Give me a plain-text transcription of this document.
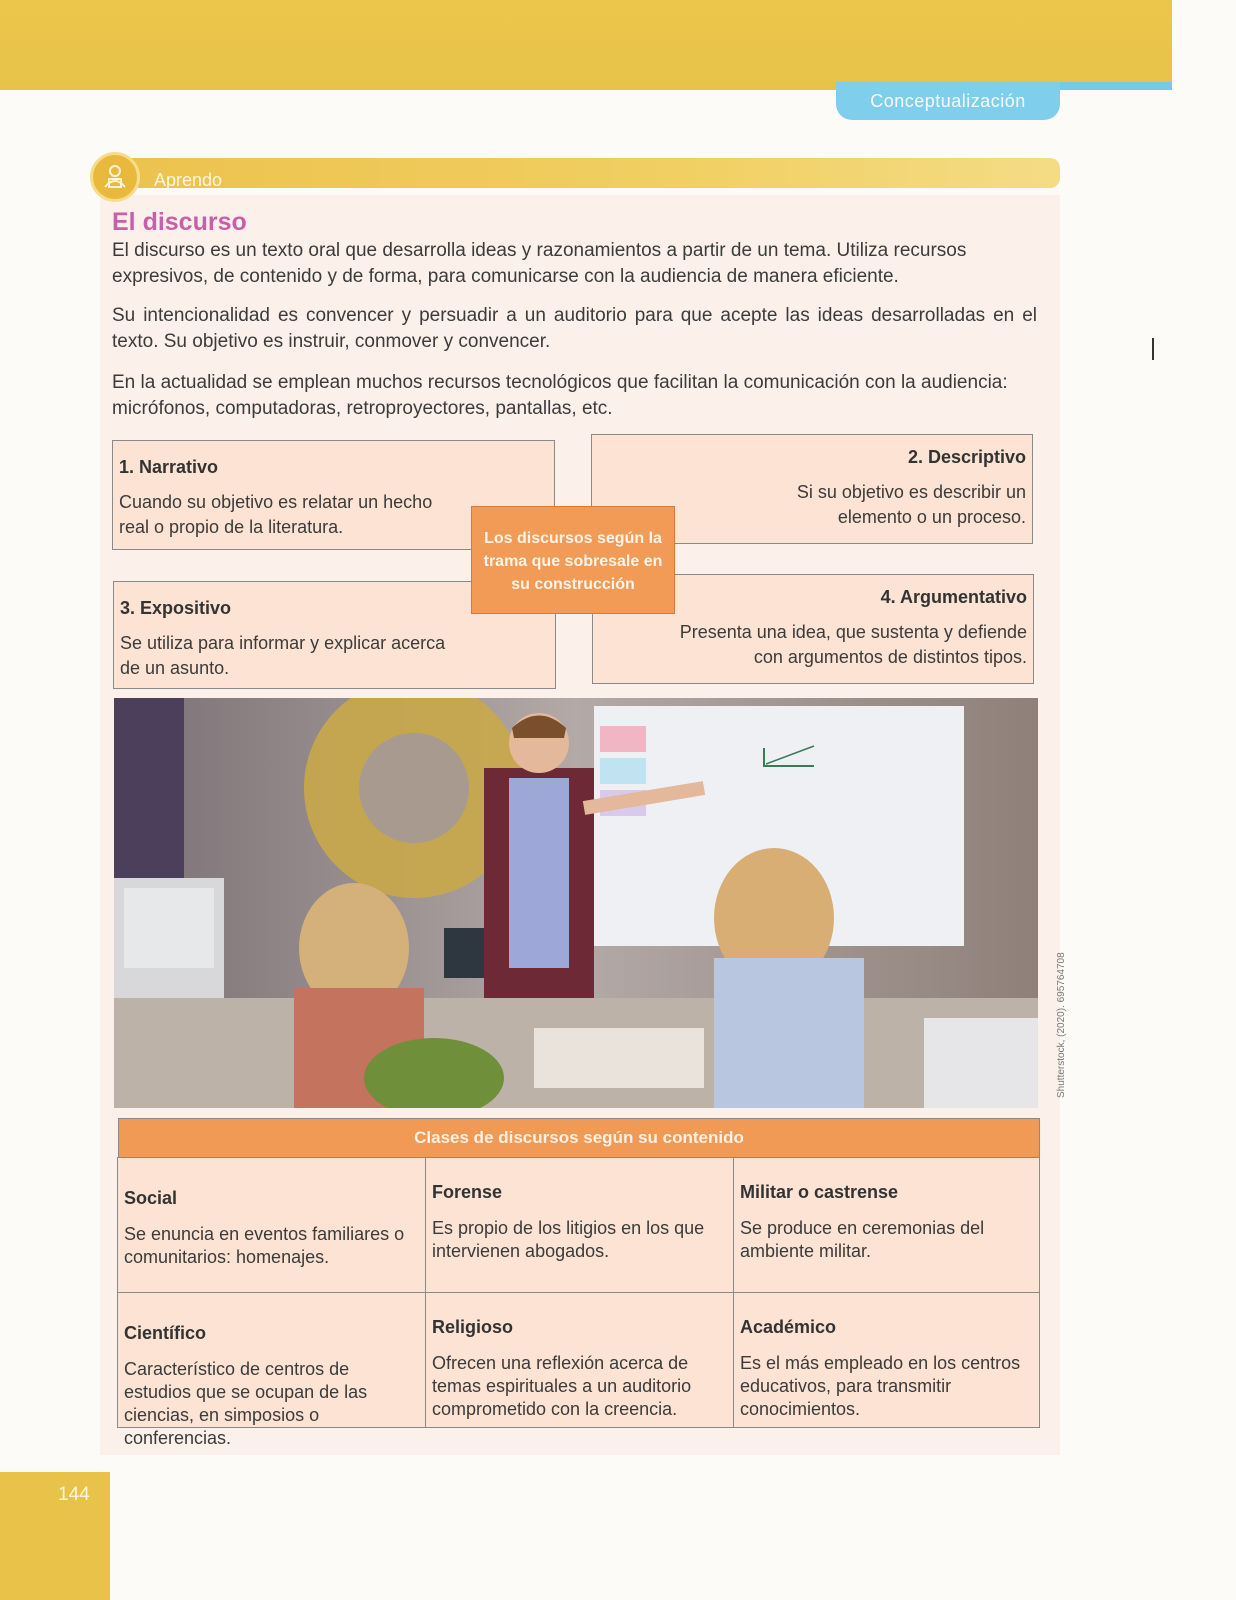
Conceptualización
Aprendo
El discurso

El discurso es un texto oral que desarrolla ideas y razonamientos a partir de un tema. Utiliza recursos expresivos, de contenido y de forma, para comunicarse con la audiencia de manera eficiente.

Su intencionalidad es convencer y persuadir a un auditorio para que acepte las ideas desarrolladas en el texto. Su objetivo es instruir, conmover y convencer.

En la actualidad se emplean muchos recursos tecnológicos que facilitan la comunicación con la audiencia: micrófonos, computadoras, retroproyectores, pantallas, etc.

1. Narrativo
Cuando su objetivo es relatar un hecho real o propio de la literatura.
2. Descriptivo
Si su objetivo es describir un elemento o un proceso.
3. Expositivo
Se utiliza para informar y explicar acerca de un asunto.
4. Argumentativo
Presenta una idea, que sustenta y defiende con argumentos de distintos tipos.
Los discursos según la trama que sobresale en su construcción
Shutterstock, (2020). 695764708
Clases de discursos según su contenido
Social
Se enuncia en eventos familiares o comunitarios: homenajes.
Forense
Es propio de los litigios en los que intervienen abogados.
Militar o castrense
Se produce en ceremonias del ambiente militar.
Científico
Característico de centros de estudios que se ocupan de las ciencias, en simposios o conferencias.
Religioso
Ofrecen una reflexión acerca de temas espirituales a un auditorio comprometido con la creencia.
Académico
Es el más empleado en los centros educativos, para transmitir conocimientos.
144
